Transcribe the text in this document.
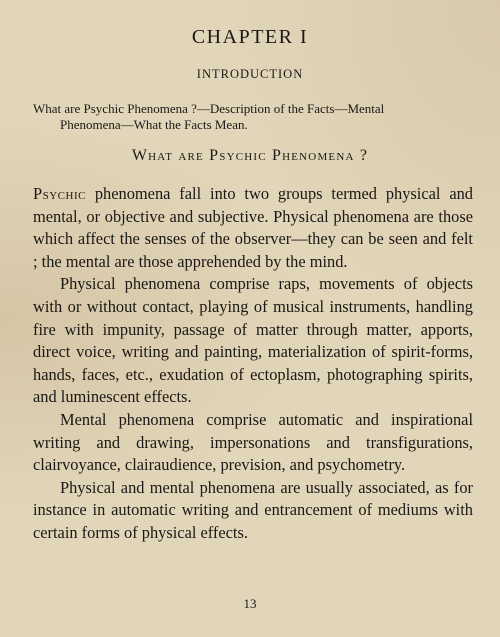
CHAPTER I
INTRODUCTION
What are Psychic Phenomena ?—Description of the Facts—Mental
Phenomena—What the Facts Mean.
What are Psychic Phenomena ?

Psychic phenomena fall into two groups termed physical and mental, or objective and subjective. Physical phenomena are those which affect the senses of the observer—they can be seen and felt ; the mental are those apprehended by the mind.

Physical phenomena comprise raps, movements of objects with or without contact, playing of musical instruments, handling fire with impunity, passage of matter through matter, apports, direct voice, writing and painting, materialization of spirit-forms, hands, faces, etc., exudation of ectoplasm, photographing spirits, and luminescent effects.

Mental phenomena comprise automatic and inspirational writing and drawing, impersonations and transfigurations, clairvoyance, clairaudience, prevision, and psychometry.

Physical and mental phenomena are usually associated, as for instance in automatic writing and entrancement of mediums with certain forms of physical effects.

13
